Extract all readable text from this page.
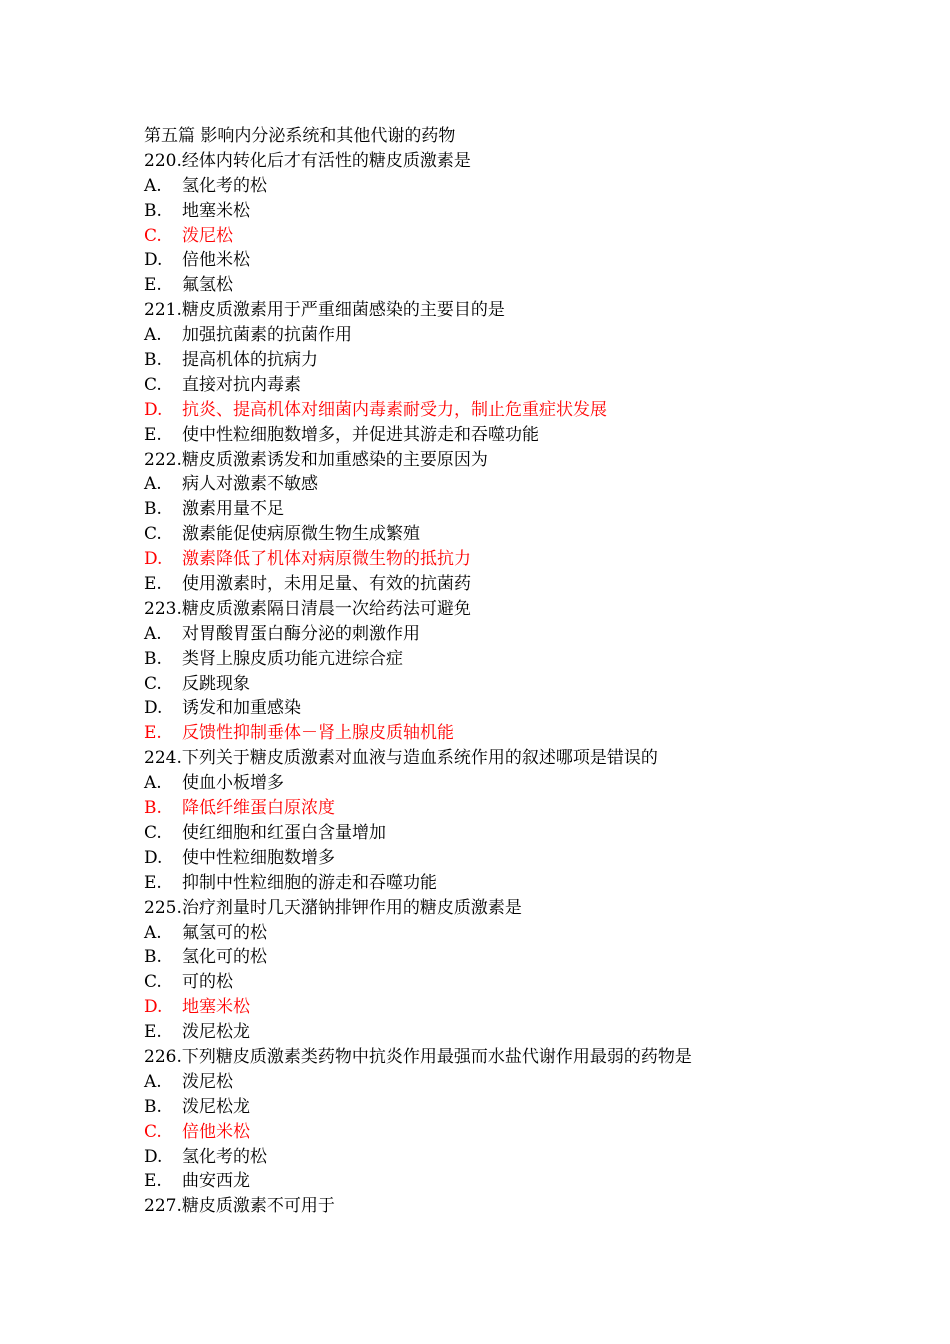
第五篇 影响内分泌系统和其他代谢的药物
220.经体内转化后才有活性的糖皮质激素是
A. 氢化考的松
B. 地塞米松
C. 泼尼松
D. 倍他米松
E. 氟氢松
221.糖皮质激素用于严重细菌感染的主要目的是
A. 加强抗菌素的抗菌作用
B. 提高机体的抗病力
C. 直接对抗内毒素
D. 抗炎、提高机体对细菌内毒素耐受力，制止危重症状发展
E. 使中性粒细胞数增多，并促进其游走和吞噬功能
222.糖皮质激素诱发和加重感染的主要原因为
A. 病人对激素不敏感
B. 激素用量不足
C. 激素能促使病原微生物生成繁殖
D. 激素降低了机体对病原微生物的抵抗力
E. 使用激素时，未用足量、有效的抗菌药
223.糖皮质激素隔日清晨一次给药法可避免
A. 对胃酸胃蛋白酶分泌的刺激作用
B. 类肾上腺皮质功能亢进综合症
C. 反跳现象
D. 诱发和加重感染
E. 反馈性抑制垂体－肾上腺皮质轴机能
224.下列关于糖皮质激素对血液与造血系统作用的叙述哪项是错误的
A. 使血小板增多
B. 降低纤维蛋白原浓度
C. 使红细胞和红蛋白含量增加
D. 使中性粒细胞数增多
E. 抑制中性粒细胞的游走和吞噬功能
225.治疗剂量时几天潴钠排钾作用的糖皮质激素是
A. 氟氢可的松
B. 氢化可的松
C. 可的松
D. 地塞米松
E. 泼尼松龙
226.下列糖皮质激素类药物中抗炎作用最强而水盐代谢作用最弱的药物是
A. 泼尼松
B. 泼尼松龙
C. 倍他米松
D. 氢化考的松
E. 曲安西龙
227.糖皮质激素不可用于
